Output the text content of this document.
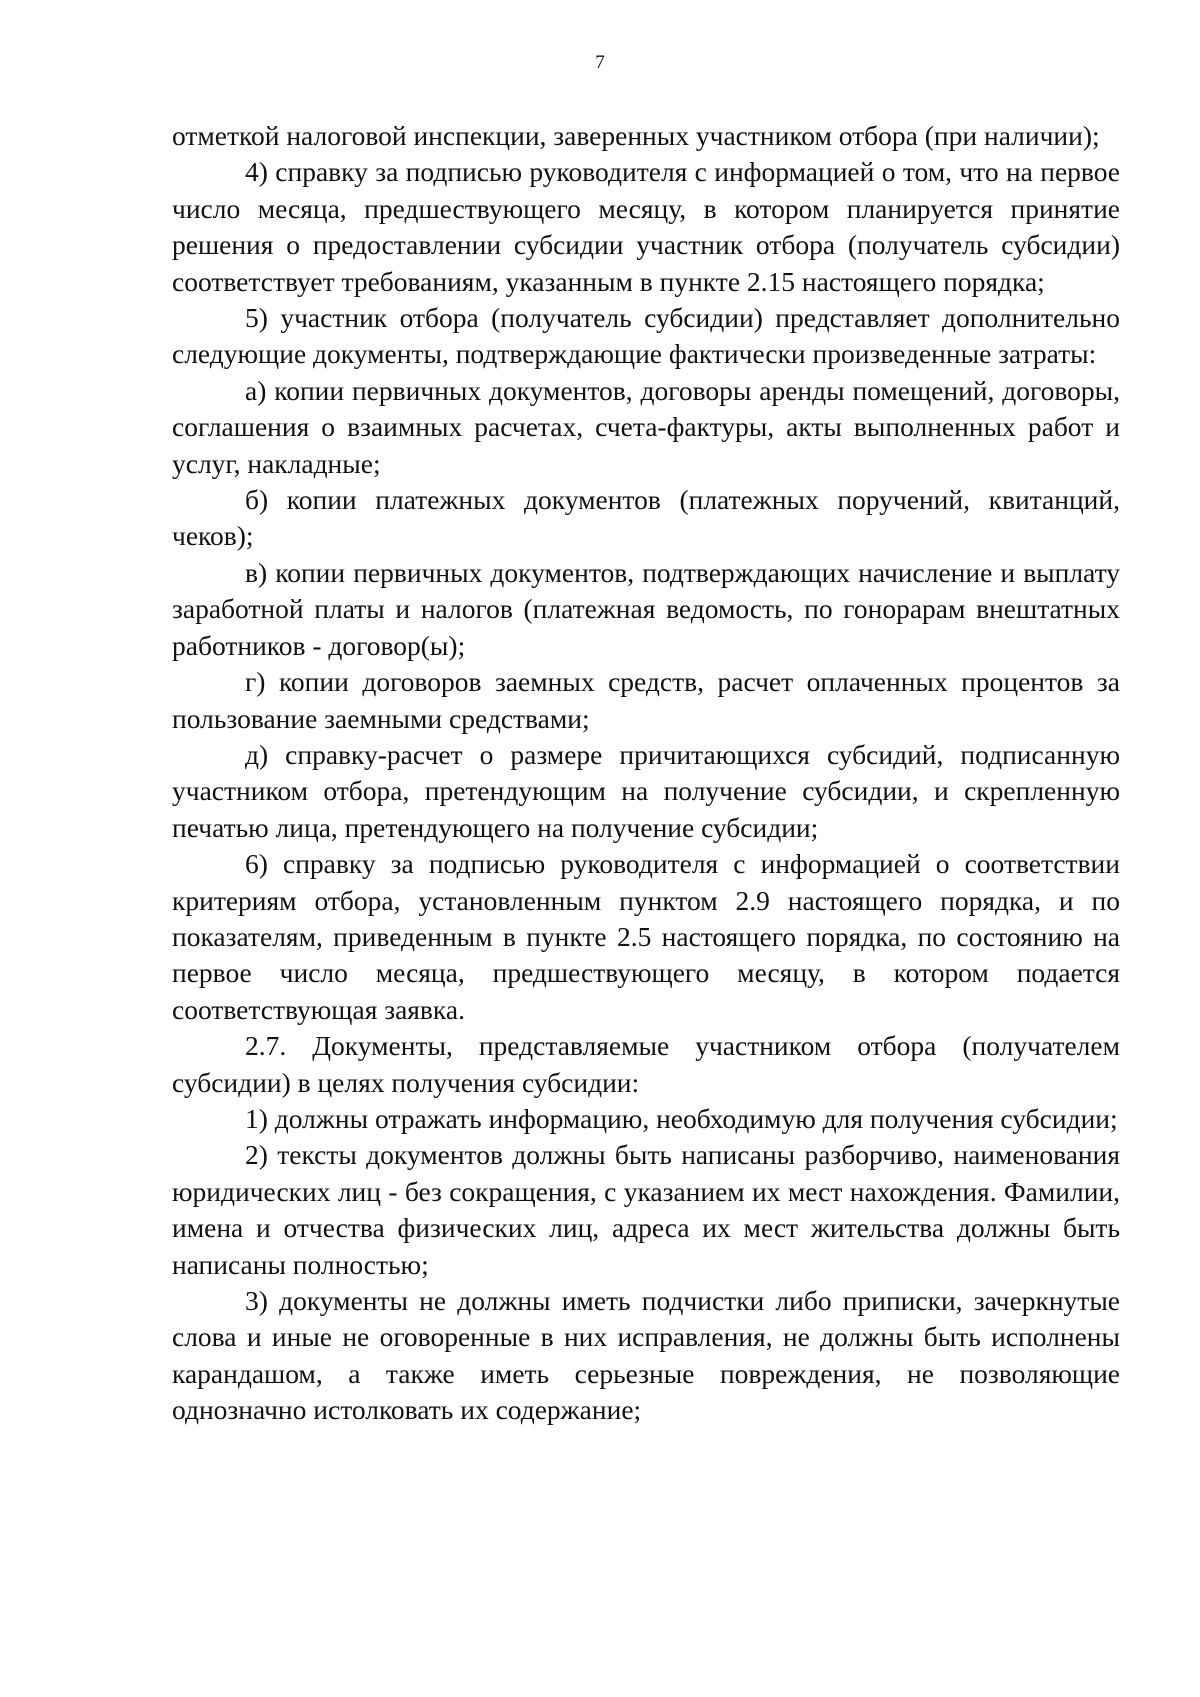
7

отметкой налоговой инспекции, заверенных участником отбора (при наличии);

4) справку за подписью руководителя с информацией о том, что на первое число месяца, предшествующего месяцу, в котором планируется принятие решения о предоставлении субсидии участник отбора (получатель субсидии) соответствует требованиям, указанным в пункте 2.15 настоящего порядка;

5) участник отбора (получатель субсидии) представляет дополнительно следующие документы, подтверждающие фактически произведенные затраты:

а) копии первичных документов, договоры аренды помещений, договоры, соглашения о взаимных расчетах, счета-фактуры, акты выполненных работ и услуг, накладные;

б) копии платежных документов (платежных поручений, квитанций, чеков);

в) копии первичных документов, подтверждающих начисление и выплату заработной платы и налогов (платежная ведомость, по гонорарам внештатных работников - договор(ы);

г) копии договоров заемных средств, расчет оплаченных процентов за пользование заемными средствами;

д) справку-расчет о размере причитающихся субсидий, подписанную участником отбора, претендующим на получение субсидии, и скрепленную печатью лица, претендующего на получение субсидии;

6) справку за подписью руководителя с информацией о соответствии критериям отбора, установленным пунктом 2.9 настоящего порядка, и по показателям, приведенным в пункте 2.5 настоящего порядка, по состоянию на первое число месяца, предшествующего месяцу, в котором подается соответствующая заявка.

2.7. Документы, представляемые участником отбора (получателем субсидии) в целях получения субсидии:

1) должны отражать информацию, необходимую для получения субсидии;

2) тексты документов должны быть написаны разборчиво, наименования юридических лиц - без сокращения, с указанием их мест нахождения. Фамилии, имена и отчества физических лиц, адреса их мест жительства должны быть написаны полностью;

3) документы не должны иметь подчистки либо приписки, зачеркнутые слова и иные не оговоренные в них исправления, не должны быть исполнены карандашом, а также иметь серьезные повреждения, не позволяющие однозначно истолковать их содержание;
